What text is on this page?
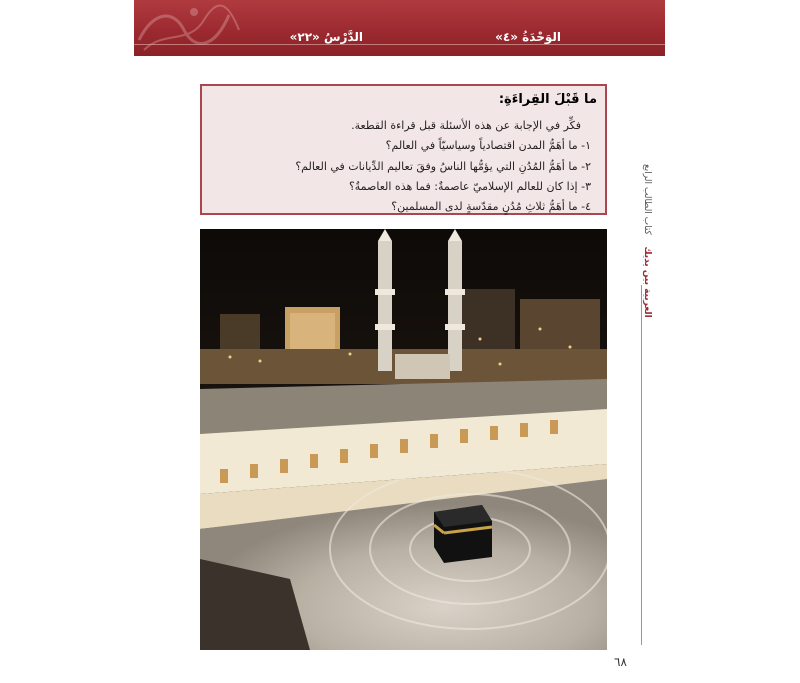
الوَحْدَةُ «٤»
الدَّرْسُ «٢٢»
ما قَبْلَ القِراءَةِ:
فكِّر في الإجابة عن هذه الأسئلة قبل قراءة القطعة.
١- ما أهَمُّ المدن اقتصادياً وسياسيّاً في العالم؟
٢- ما أهَمُّ المُدُنِ التي يؤمُّها الناسُ وفقَ تعاليم الدِّيانات في العالم؟
٣- إذا كان للعالم الإسلاميّ عاصمةٌ: فما هذه العاصمةُ؟
٤- ما أهَمُّ ثلاثِ مُدُنٍ مقدّسةٍ لدى المسلمين؟
العربية بين يديك    كتاب الطالب الرابع
٦٨
